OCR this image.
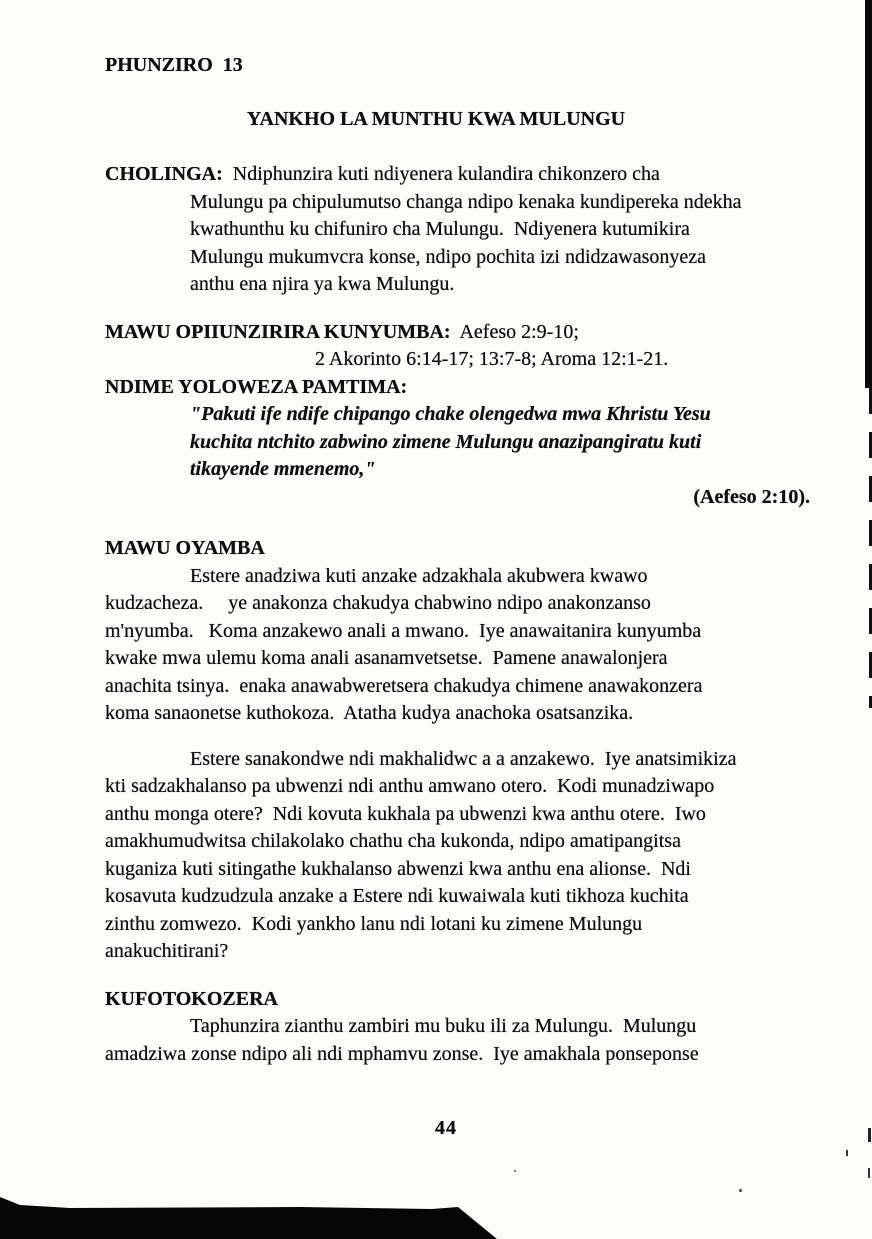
PHUNZIRO  13
YANKHO LA MUNTHU KWA MULUNGU
CHOLINGA:  Ndiphunzira kuti ndiyenera kulandira chikonzero cha
Mulungu pa chipulumutso changa ndipo kenaka kundipereka ndekha
kwathunthu ku chifuniro cha Mulungu.  Ndiyenera kutumikira
Mulungu mukumvcra konse, ndipo pochita izi ndidzawasonyeza
anthu ena njira ya kwa Mulungu.
MAWU OPIIUNZIRIRA KUNYUMBA:  Aefeso 2:9-10;
2 Akorinto 6:14-17; 13:7-8; Aroma 12:1-21.
NDIME YOLOWEZA PAMTIMA:
"Pakuti ife ndife chipango chake olengedwa mwa Khristu Yesu
kuchita ntchito zabwino zimene Mulungu anazipangiratu kuti
tikayende mmenemo,"
(Aefeso 2:10).
MAWU OYAMBA
Estere anadziwa kuti anzake adzakhala akubwera kwawo
kudzacheza.     ye anakonza chakudya chabwino ndipo anakonzanso
m'nyumba.   Koma anzakewo anali a mwano.  Iye anawaitanira kunyumba
kwake mwa ulemu koma anali asanamvetsetse.  Pamene anawalonjera
anachita tsinya.  enaka anawabweretsera chakudya chimene anawakonzera
koma sanaonetse kuthokoza.  Atatha kudya anachoka osatsanzika.
Estere sanakondwe ndi makhalidwc a a anzakewo.  Iye anatsimikiza
kti sadzakhalanso pa ubwenzi ndi anthu amwano otero.  Kodi munadziwapo
anthu monga otere?  Ndi kovuta kukhala pa ubwenzi kwa anthu otere.  Iwo
amakhumudwitsa chilakolako chathu cha kukonda, ndipo amatipangitsa
kuganiza kuti sitingathe kukhalanso abwenzi kwa anthu ena alionse.  Ndi
kosavuta kudzudzula anzake a Estere ndi kuwaiwala kuti tikhoza kuchita
zinthu zomwezo.  Kodi yankho lanu ndi lotani ku zimene Mulungu
anakuchitirani?
KUFOTOKOZERA
Taphunzira zianthu zambiri mu buku ili za Mulungu.  Mulungu
amadziwa zonse ndipo ali ndi mphamvu zonse.  Iye amakhala ponseponse
44
